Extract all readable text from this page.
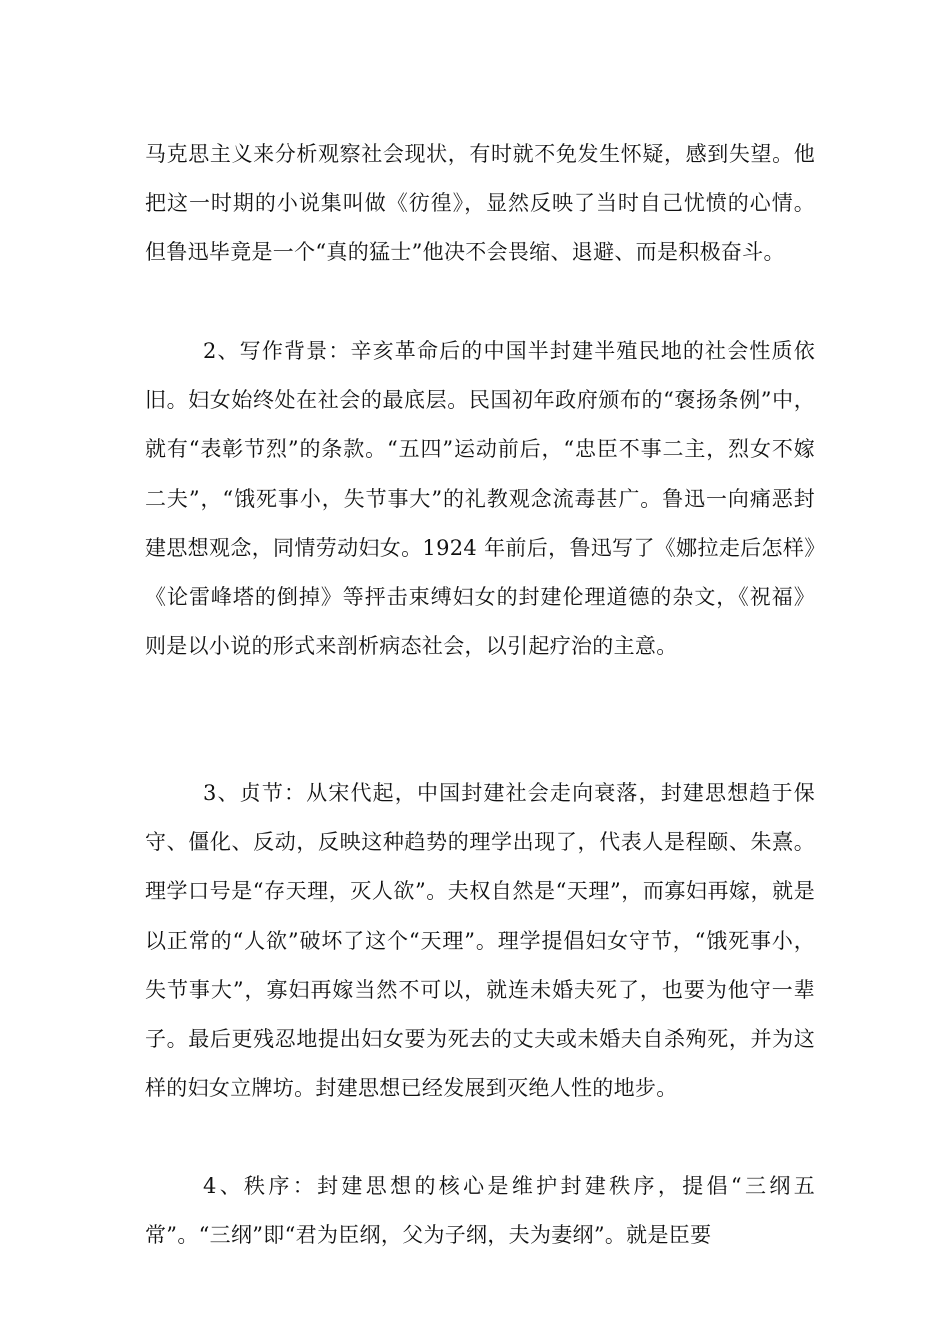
马克思主义来分析观察社会现状，有时就不免发生怀疑，感到失望。他把这一时期的小说集叫做《彷徨》，显然反映了当时自己忧愤的心情。但鲁迅毕竟是一个“真的猛士”他决不会畏缩、退避、而是积极奋斗。

2、写作背景：辛亥革命后的中国半封建半殖民地的社会性质依旧。妇女始终处在社会的最底层。民国初年政府颁布的“褒扬条例”中，就有“表彰节烈”的条款。“五四”运动前后，“忠臣不事二主，烈女不嫁二夫”，“饿死事小，失节事大”的礼教观念流毒甚广。鲁迅一向痛恶封建思想观念，同情劳动妇女。1924 年前后，鲁迅写了《娜拉走后怎样》《论雷峰塔的倒掉》等抨击束缚妇女的封建伦理道德的杂文，《祝福》则是以小说的形式来剖析病态社会，以引起疗治的主意。

3、贞节：从宋代起，中国封建社会走向衰落，封建思想趋于保守、僵化、反动，反映这种趋势的理学出现了，代表人是程颐、朱熹。理学口号是“存天理，灭人欲”。夫权自然是“天理”，而寡妇再嫁，就是以正常的“人欲”破坏了这个“天理”。理学提倡妇女守节，“饿死事小，失节事大”，寡妇再嫁当然不可以，就连未婚夫死了，也要为他守一辈子。最后更残忍地提出妇女要为死去的丈夫或未婚夫自杀殉死，并为这样的妇女立牌坊。封建思想已经发展到灭绝人性的地步。

4、秩序：封建思想的核心是维护封建秩序，提倡“三纲五常”。“三纲”即“君为臣纲，父为子纲，夫为妻纲”。就是臣要
